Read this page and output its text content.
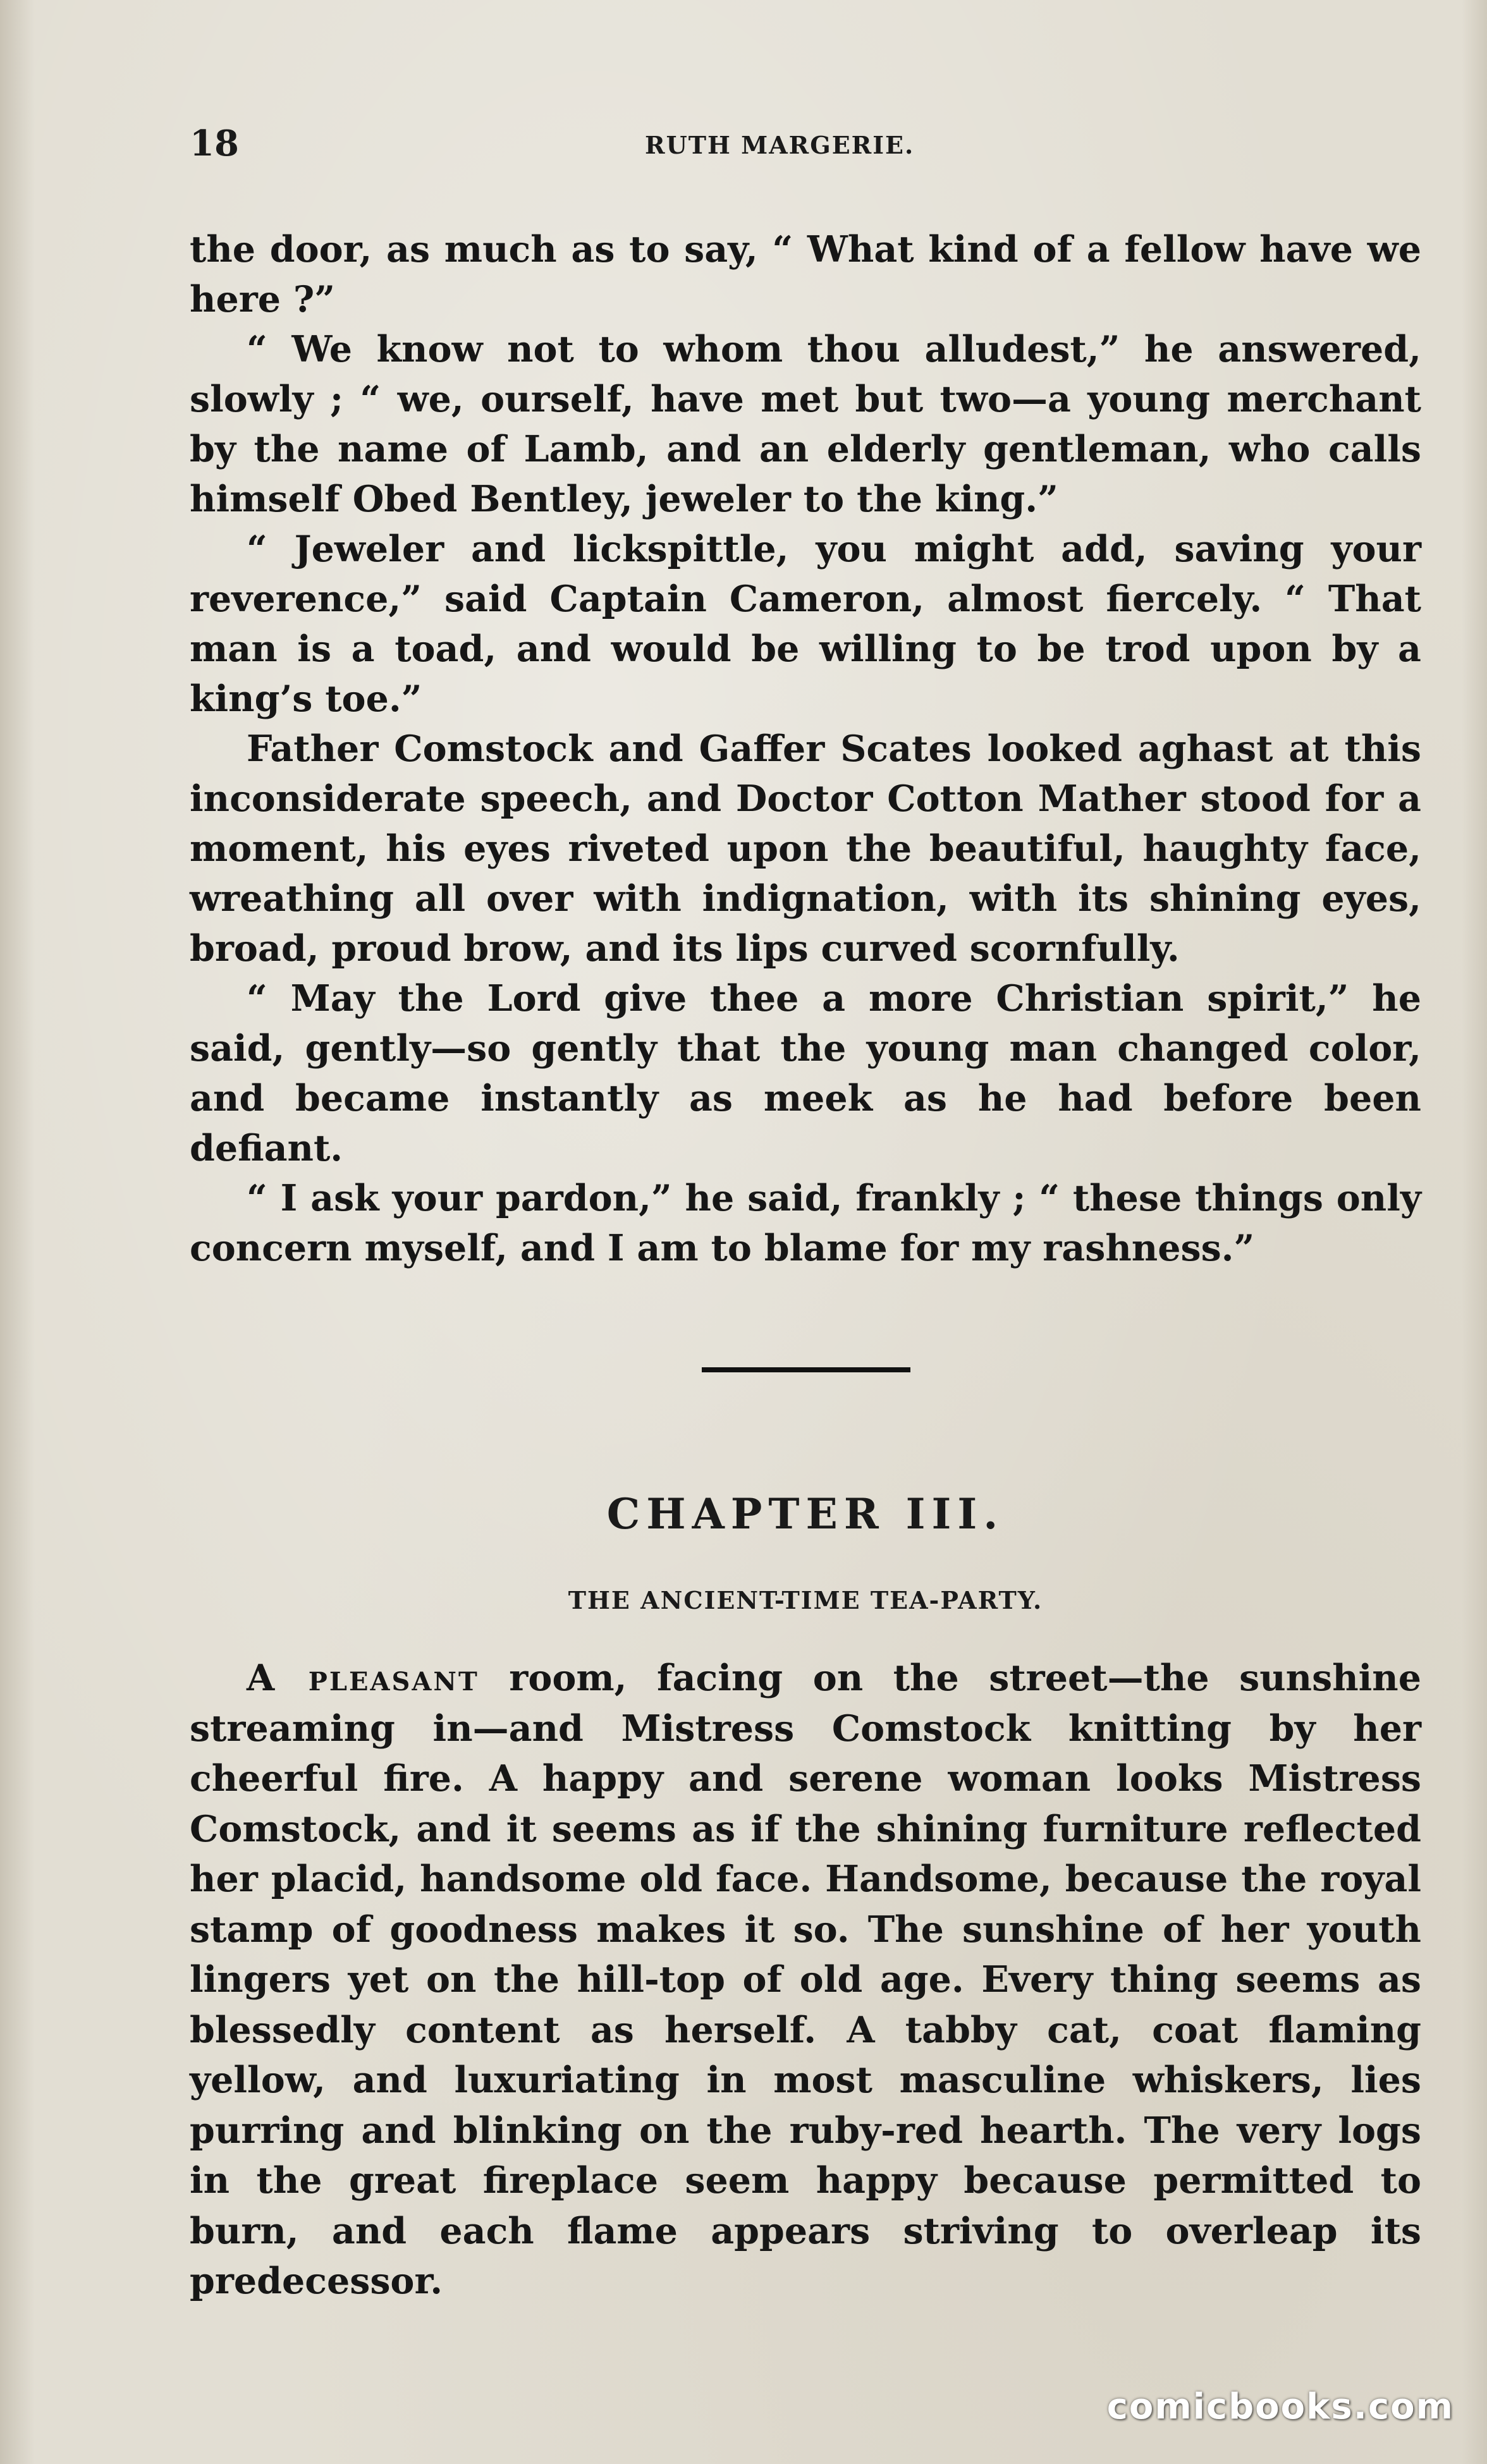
18	RUTH MARGERIE.

the door, as much as to say, “ What kind of a fellow have we here ?”

“ We know not to whom thou alludest,” he answered, slowly ; “ we, ourself, have met but two—a young merchant by the name of Lamb, and an elderly gentleman, who calls himself Obed Bentley, jeweler to the king.”

“ Jeweler and lickspittle, you might add, saving your reverence,” said Captain Cameron, almost fiercely. “ That man is a toad, and would be willing to be trod upon by a king’s toe.”

Father Comstock and Gaffer Scates looked aghast at this inconsiderate speech, and Doctor Cotton Mather stood for a moment, his eyes riveted upon the beautiful, haughty face, wreathing all over with indignation, with its shining eyes, broad, proud brow, and its lips curved scornfully.

“ May the Lord give thee a more Christian spirit,” he said, gently—so gently that the young man changed color, and became instantly as meek as he had before been defiant.

“ I ask your pardon,” he said, frankly ; “ these things only concern myself, and I am to blame for my rashness.”

CHAPTER III.
THE ANCIENT-TIME TEA-PARTY.

A pleasant room, facing on the street—the sunshine streaming in—and Mistress Comstock knitting by her cheerful fire. A happy and serene woman looks Mistress Comstock, and it seems as if the shining furniture reflected her placid, handsome old face. Handsome, because the royal stamp of goodness makes it so. The sunshine of her youth lingers yet on the hill-top of old age. Every thing seems as blessedly content as herself. A tabby cat, coat flaming yellow, and luxuriating in most masculine whiskers, lies purring and blinking on the ruby-red hearth. The very logs in the great fireplace seem happy because permitted to burn, and each flame appears striving to overleap its predecessor.

comicbooks.com
